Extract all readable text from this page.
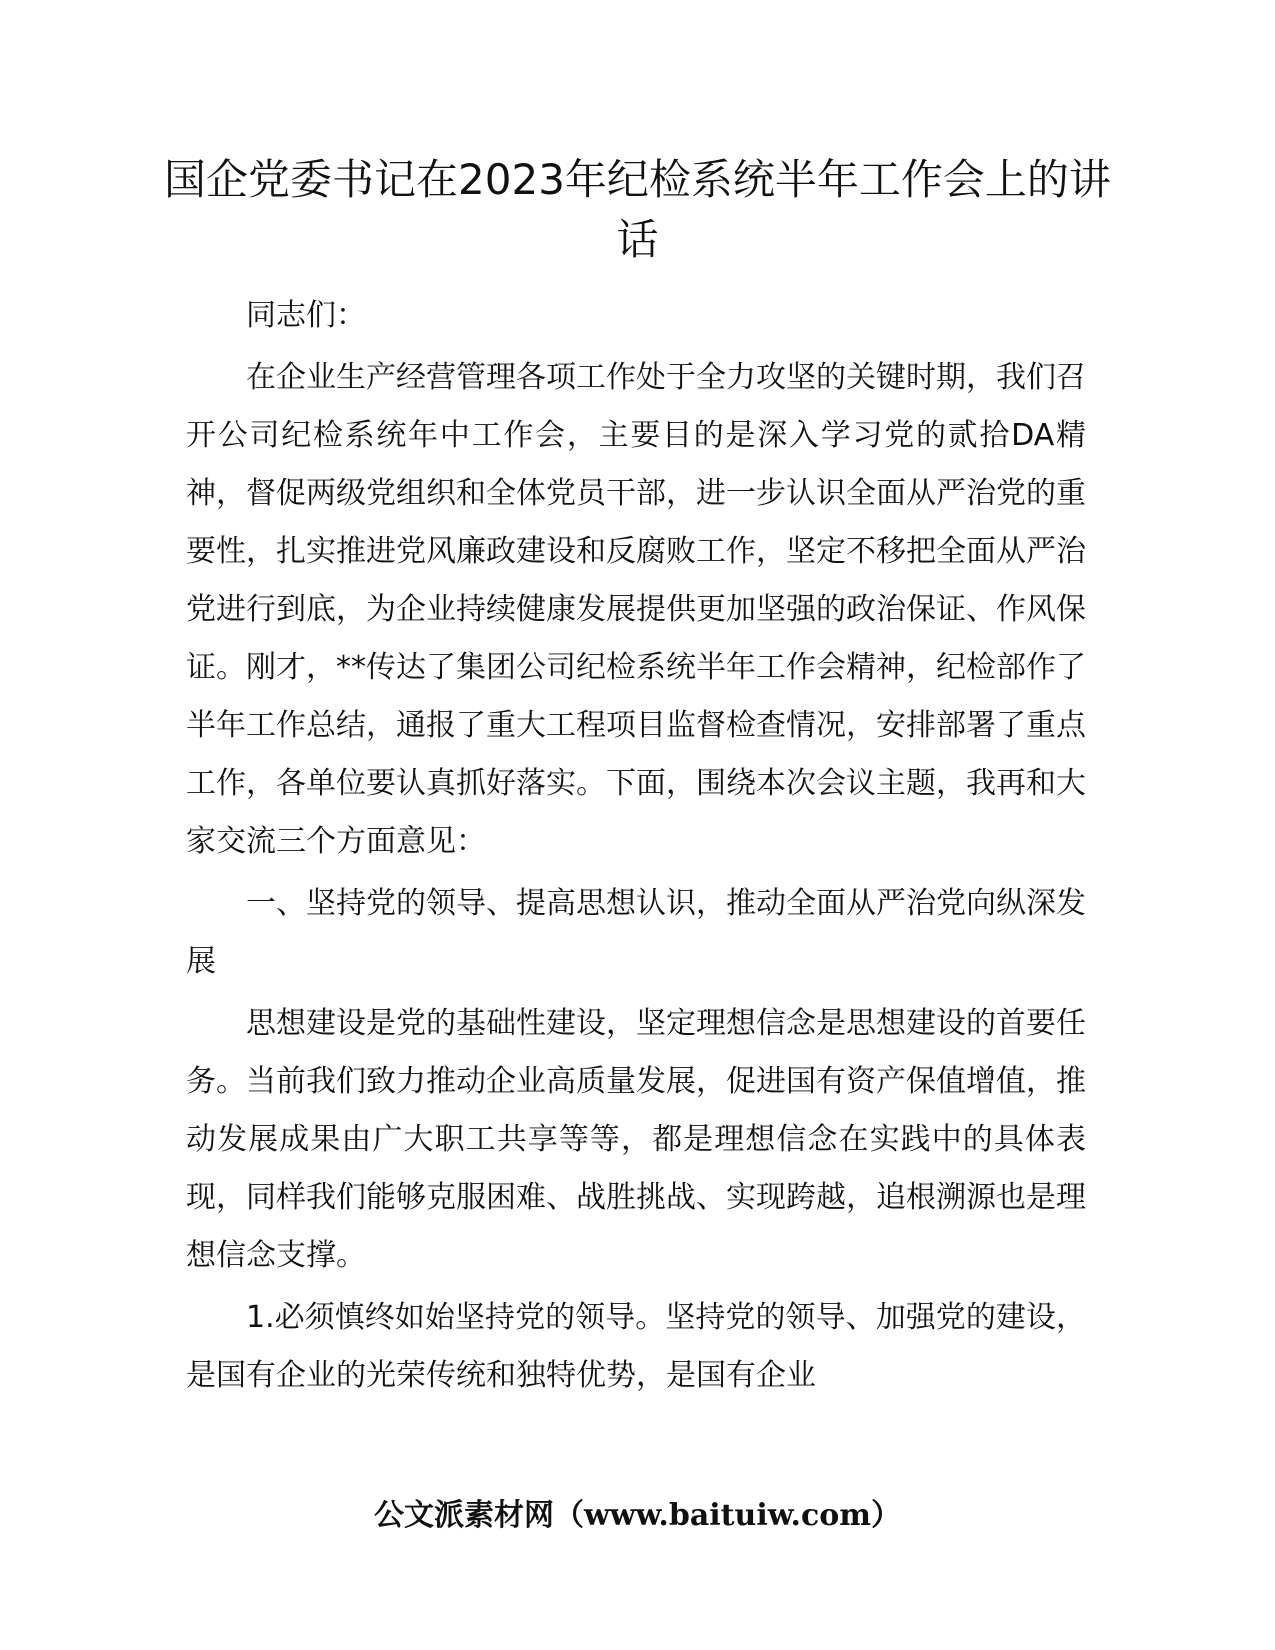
国企党委书记在2023年纪检系统半年工作会上的讲话

同志们：

在企业生产经营管理各项工作处于全力攻坚的关键时期，我们召开公司纪检系统年中工作会，主要目的是深入学习党的贰拾DA精神，督促两级党组织和全体党员干部，进一步认识全面从严治党的重要性，扎实推进党风廉政建设和反腐败工作，坚定不移把全面从严治党进行到底，为企业持续健康发展提供更加坚强的政治保证、作风保证。刚才，**传达了集团公司纪检系统半年工作会精神，纪检部作了半年工作总结，通报了重大工程项目监督检查情况，安排部署了重点工作，各单位要认真抓好落实。下面，围绕本次会议主题，我再和大家交流三个方面意见：

一、坚持党的领导、提高思想认识，推动全面从严治党向纵深发展

思想建设是党的基础性建设，坚定理想信念是思想建设的首要任务。当前我们致力推动企业高质量发展，促进国有资产保值增值，推动发展成果由广大职工共享等等，都是理想信念在实践中的具体表现，同样我们能够克服困难、战胜挑战、实现跨越，追根溯源也是理想信念支撑。

1.必须慎终如始坚持党的领导。坚持党的领导、加强党的建设，是国有企业的光荣传统和独特优势，是国有企业

公文派素材网（www.baituiw.com）
